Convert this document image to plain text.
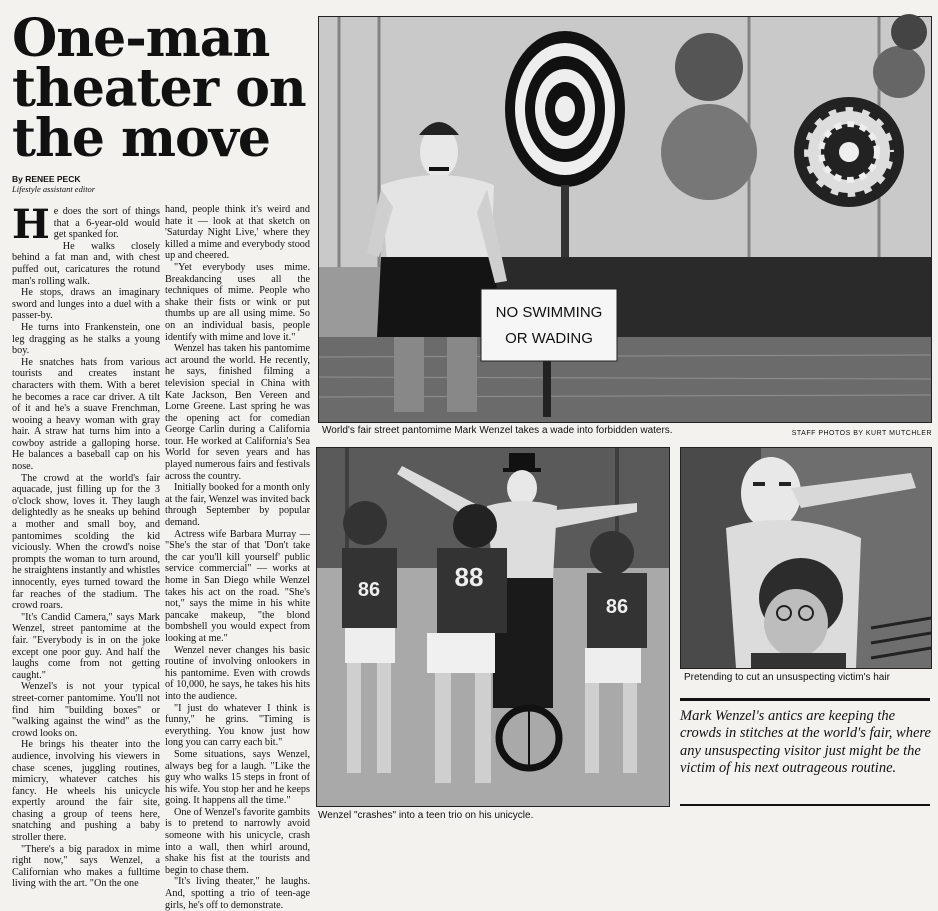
One-man
theater on
the move
By RENEE PECK
Lifestyle assistant editor

He does the sort of things that a 6-year-old would get spanked for.

He walks closely behind a fat man and, with chest puffed out, caricatures the rotund man's rolling walk.

He stops, draws an imaginary sword and lunges into a duel with a passer-by.

He turns into Frankenstein, one leg dragging as he stalks a young boy.

He snatches hats from various tourists and creates instant characters with them. With a beret he becomes a race car driver. A tilt of it and he's a suave Frenchman, wooing a heavy woman with gray hair. A straw hat turns him into a cowboy astride a galloping horse. He balances a baseball cap on his nose.

The crowd at the world's fair aquacade, just filling up for the 3 o'clock show, loves it. They laugh delightedly as he sneaks up behind a mother and small boy, and pantomimes scolding the kid viciously. When the crowd's noise prompts the woman to turn around, he straightens instantly and whistles innocently, eyes turned toward the far reaches of the stadium. The crowd roars.

"It's Candid Camera," says Mark Wenzel, street pantomime at the fair. "Everybody is in on the joke except one poor guy. And half the laughs come from not getting caught."

Wenzel's is not your typical street-corner pantomime. You'll not find him "building boxes" or "walking against the wind" as the crowd looks on.

He brings his theater into the audience, involving his viewers in chase scenes, juggling routines, mimicry, whatever catches his fancy. He wheels his unicycle expertly around the fair site, chasing a group of teens here, snatching and pushing a baby stroller there.

"There's a big paradox in mime right now," says Wenzel, a Californian who makes a fulltime living with the art. "On the one

hand, people think it's weird and hate it — look at that sketch on 'Saturday Night Live,' where they killed a mime and everybody stood up and cheered.

"Yet everybody uses mime. Breakdancing uses all the techniques of mime. People who shake their fists or wink or put thumbs up are all using mime. So on an individual basis, people identify with mime and love it."

Wenzel has taken his pantomime act around the world. He recently, he says, finished filming a television special in China with Kate Jackson, Ben Vereen and Lorne Greene. Last spring he was the opening act for comedian George Carlin during a California tour. He worked at California's Sea World for seven years and has played numerous fairs and festivals across the country.

Initially booked for a month only at the fair, Wenzel was invited back through September by popular demand.

Actress wife Barbara Murray — "She's the star of that 'Don't take the car you'll kill yourself' public service commercial" — works at home in San Diego while Wenzel takes his act on the road. "She's not," says the mime in his white pancake makeup, "the blond bombshell you would expect from looking at me."

Wenzel never changes his basic routine of involving onlookers in his pantomime. Even with crowds of 10,000, he says, he takes his hits into the audience.

"I just do whatever I think is funny," he grins. "Timing is everything. You know just how long you can carry each bit."

Some situations, says Wenzel, always beg for a laugh. "Like the guy who walks 15 steps in front of his wife. You stop her and he keeps going. It happens all the time."

One of Wenzel's favorite gambits is to pretend to narrowly avoid someone with his unicycle, crash into a wall, then whirl around, shake his fist at the tourists and begin to chase them.

"It's living theater," he laughs. And, spotting a trio of teen-age girls, he's off to demonstrate.

NO SWIMMING
OR WADING
World's fair street pantomime Mark Wenzel takes a wade into forbidden waters.	STAFF PHOTOS BY KURT MUTCHLER
86	88
86
Wenzel "crashes" into a teen trio on his unicycle.
Pretending to cut an unsuspecting victim's hair
Mark Wenzel's antics are keeping the crowds in stitches at the world's fair, where any unsuspecting visitor just might be the victim of his next outrageous routine.
